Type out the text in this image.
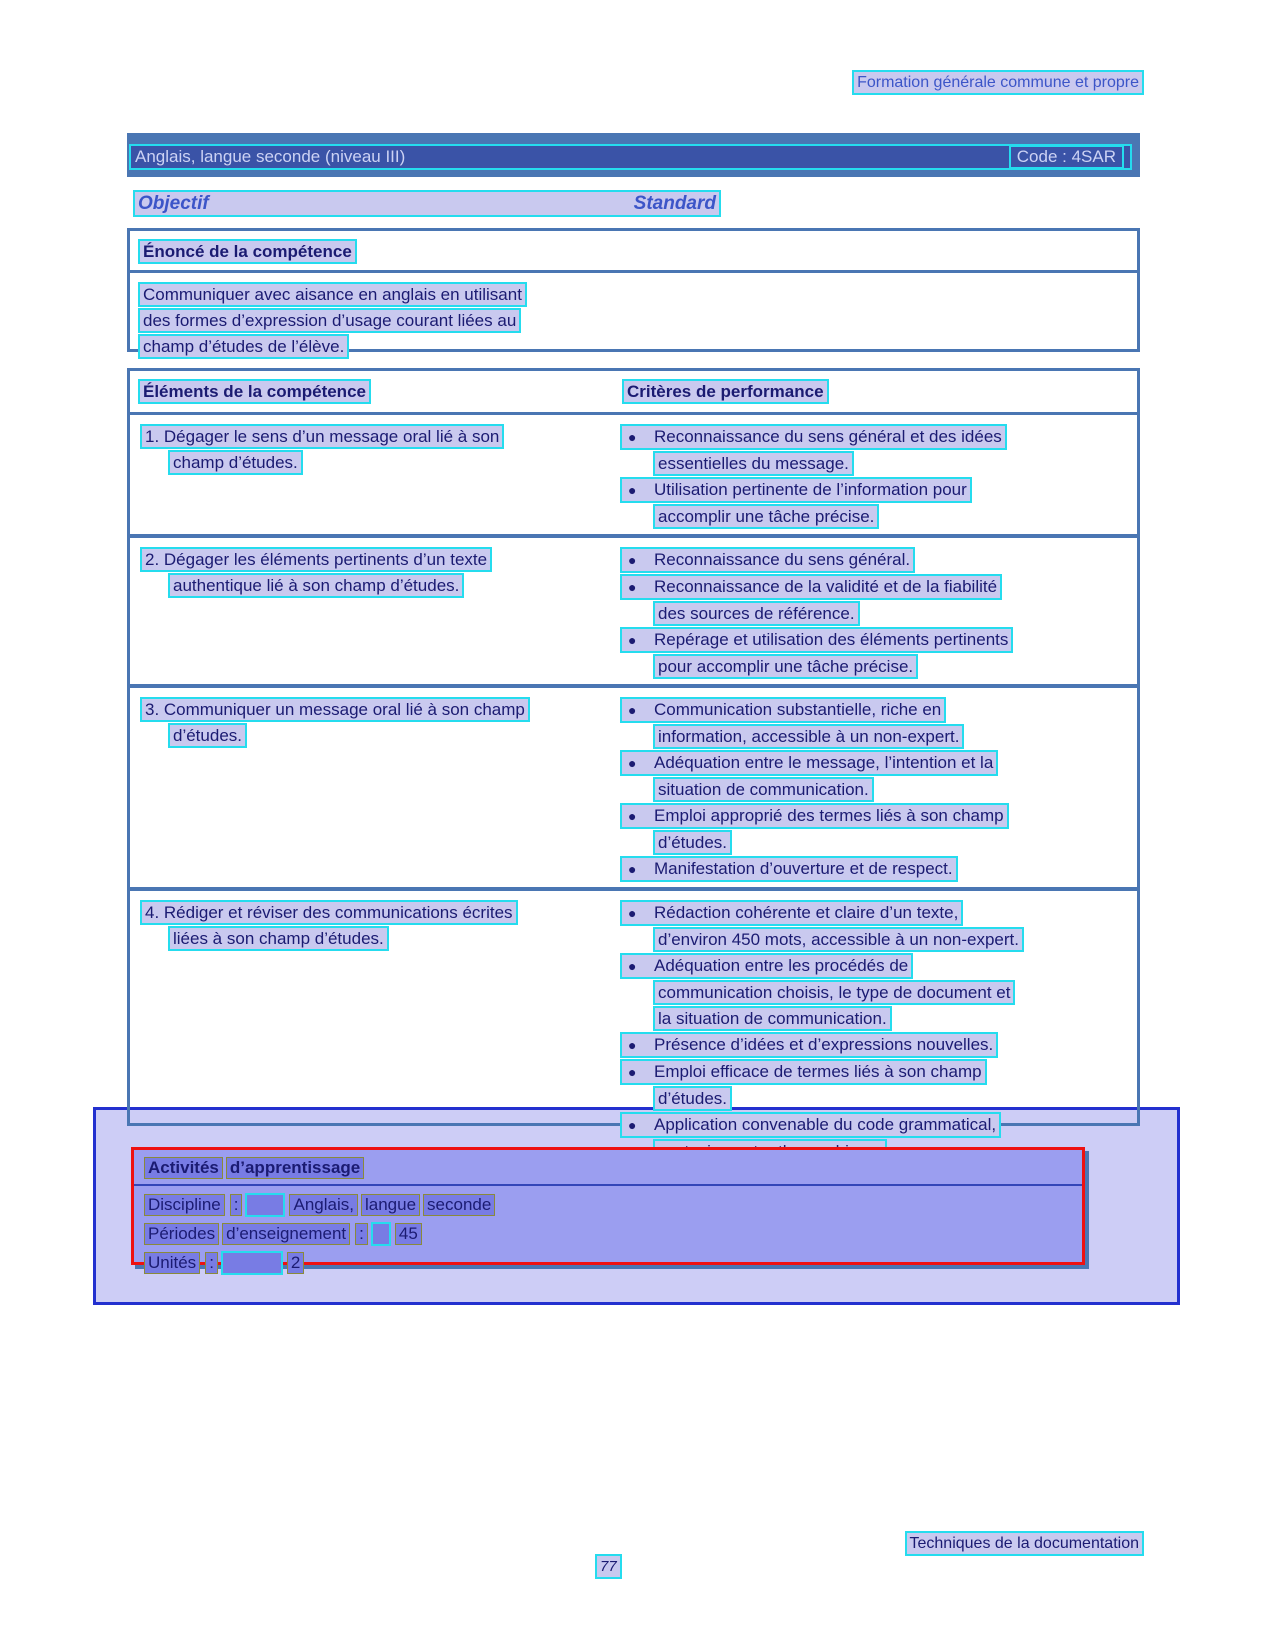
Formation générale commune et propre
Anglais, langue seconde (niveau III)	Code : 4SAR
Objectif	Standard
Énoncé de la compétence
Communiquer avec aisance en anglais en utilisant
des formes d’expression d’usage courant liées au
champ d’études de l’élève.
Éléments de la compétence	Critères de performance
1. Dégager le sens d’un message oral lié à son
champ d’études.
● Reconnaissance du sens général et des idées
essentielles du message.
● Utilisation pertinente de l’information pour
accomplir une tâche précise.
2. Dégager les éléments pertinents d’un texte
authentique lié à son champ d’études.
● Reconnaissance du sens général.
● Reconnaissance de la validité et de la fiabilité
des sources de référence.
● Repérage et utilisation des éléments pertinents
pour accomplir une tâche précise.
3. Communiquer un message oral lié à son champ
d’études.
● Communication substantielle, riche en
information, accessible à un non-expert.
● Adéquation entre le message, l’intention et la
situation de communication.
● Emploi approprié des termes liés à son champ
d’études.
● Manifestation d’ouverture et de respect.
4. Rédiger et réviser des communications écrites
liées à son champ d’études.
● Rédaction cohérente et claire d’un texte,
d’environ 450 mots, accessible à un non-expert.
● Adéquation entre les procédés de
communication choisis, le type de document et
la situation de communication.
● Présence d’idées et d’expressions nouvelles.
● Emploi efficace de termes liés à son champ
d’études.
● Application convenable du code grammatical,
Activités d’apprentissage
Discipline :	Anglais, langue seconde
Périodes d’enseignement : 45
Unités :	2
Techniques de la documentation
77
